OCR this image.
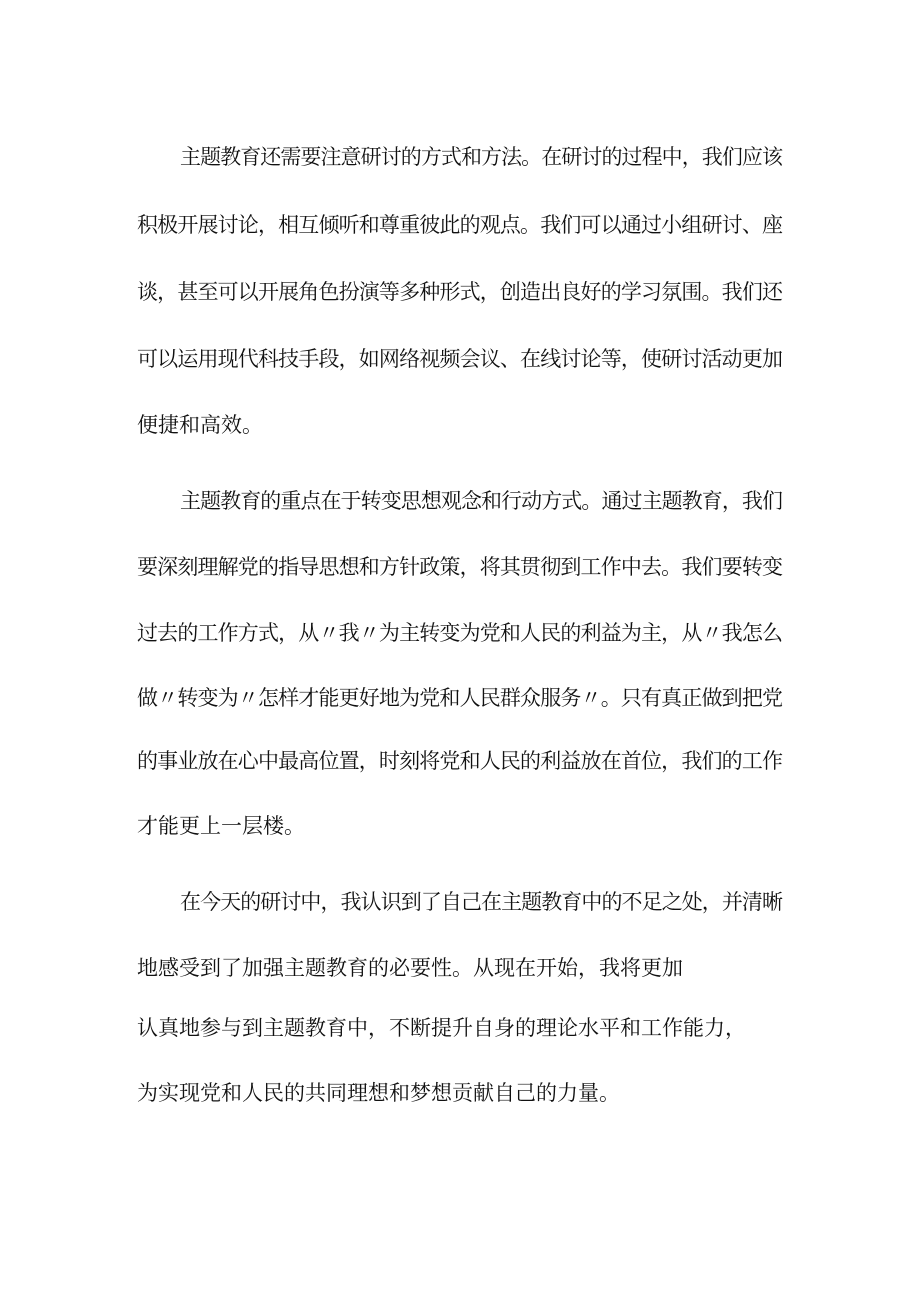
主题教育还需要注意研讨的方式和方法。在研讨的过程中，我们应该
积极开展讨论，相互倾听和尊重彼此的观点。我们可以通过小组研讨、座
谈，甚至可以开展角色扮演等多种形式，创造出良好的学习氛围。我们还
可以运用现代科技手段，如网络视频会议、在线讨论等，使研讨活动更加
便捷和高效。
主题教育的重点在于转变思想观念和行动方式。通过主题教育，我们
要深刻理解党的指导思想和方针政策，将其贯彻到工作中去。我们要转变
过去的工作方式，从〃我〃为主转变为党和人民的利益为主，从〃我怎么
做〃转变为〃怎样才能更好地为党和人民群众服务〃。只有真正做到把党
的事业放在心中最高位置，时刻将党和人民的利益放在首位，我们的工作
才能更上一层楼。
在今天的研讨中，我认识到了自己在主题教育中的不足之处，并清晰
地感受到了加强主题教育的必要性。从现在开始，我将更加
认真地参与到主题教育中，不断提升自身的理论水平和工作能力，
为实现党和人民的共同理想和梦想贡献自己的力量。
